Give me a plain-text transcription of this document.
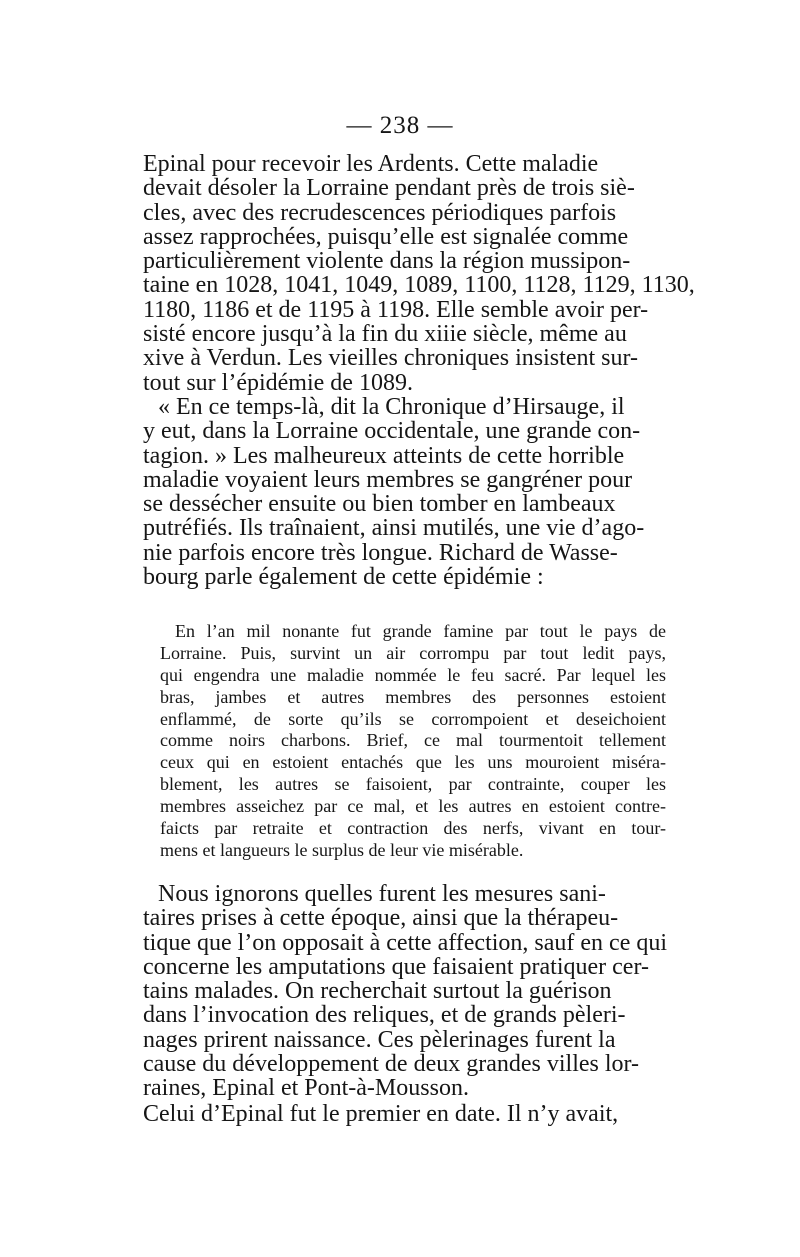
— 238 —
Epinal pour recevoir les Ardents. Cette maladie
devait désoler la Lorraine pendant près de trois siè-
cles, avec des recrudescences périodiques parfois
assez rapprochées, puisqu’elle est signalée comme
particulièrement violente dans la région mussipon-
taine en 1028, 1041, 1049, 1089, 1100, 1128, 1129, 1130,
1180, 1186 et de 1195 à 1198. Elle semble avoir per-
sisté encore jusqu’à la fin du xiiie siècle, même au
xive à Verdun. Les vieilles chroniques insistent sur-
tout sur l’épidémie de 1089.
« En ce temps-là, dit la Chronique d’Hirsauge, il
y eut, dans la Lorraine occidentale, une grande con-
tagion. » Les malheureux atteints de cette horrible
maladie voyaient leurs membres se gangréner pour
se dessécher ensuite ou bien tomber en lambeaux
putréfiés. Ils traînaient, ainsi mutilés, une vie d’ago-
nie parfois encore très longue. Richard de Wasse-
bourg parle également de cette épidémie :
En l’an mil nonante fut grande famine par tout le pays de
Lorraine. Puis, survint un air corrompu par tout ledit pays,
qui engendra une maladie nommée le feu sacré. Par lequel les
bras, jambes et autres membres des personnes estoient
enflammé, de sorte qu’ils se corrompoient et deseichoient
comme noirs charbons. Brief, ce mal tourmentoit tellement
ceux qui en estoient entachés que les uns mouroient miséra-
blement, les autres se faisoient, par contrainte, couper les
membres asseichez par ce mal, et les autres en estoient contre-
faicts par retraite et contraction des nerfs, vivant en tour-
mens et langueurs le surplus de leur vie misérable.
Nous ignorons quelles furent les mesures sani-
taires prises à cette époque, ainsi que la thérapeu-
tique que l’on opposait à cette affection, sauf en ce qui
concerne les amputations que faisaient pratiquer cer-
tains malades. On recherchait surtout la guérison
dans l’invocation des reliques, et de grands pèleri-
nages prirent naissance. Ces pèlerinages furent la
cause du développement de deux grandes villes lor-
raines, Epinal et Pont-à-Mousson.
Celui d’Epinal fut le premier en date. Il n’y avait,
